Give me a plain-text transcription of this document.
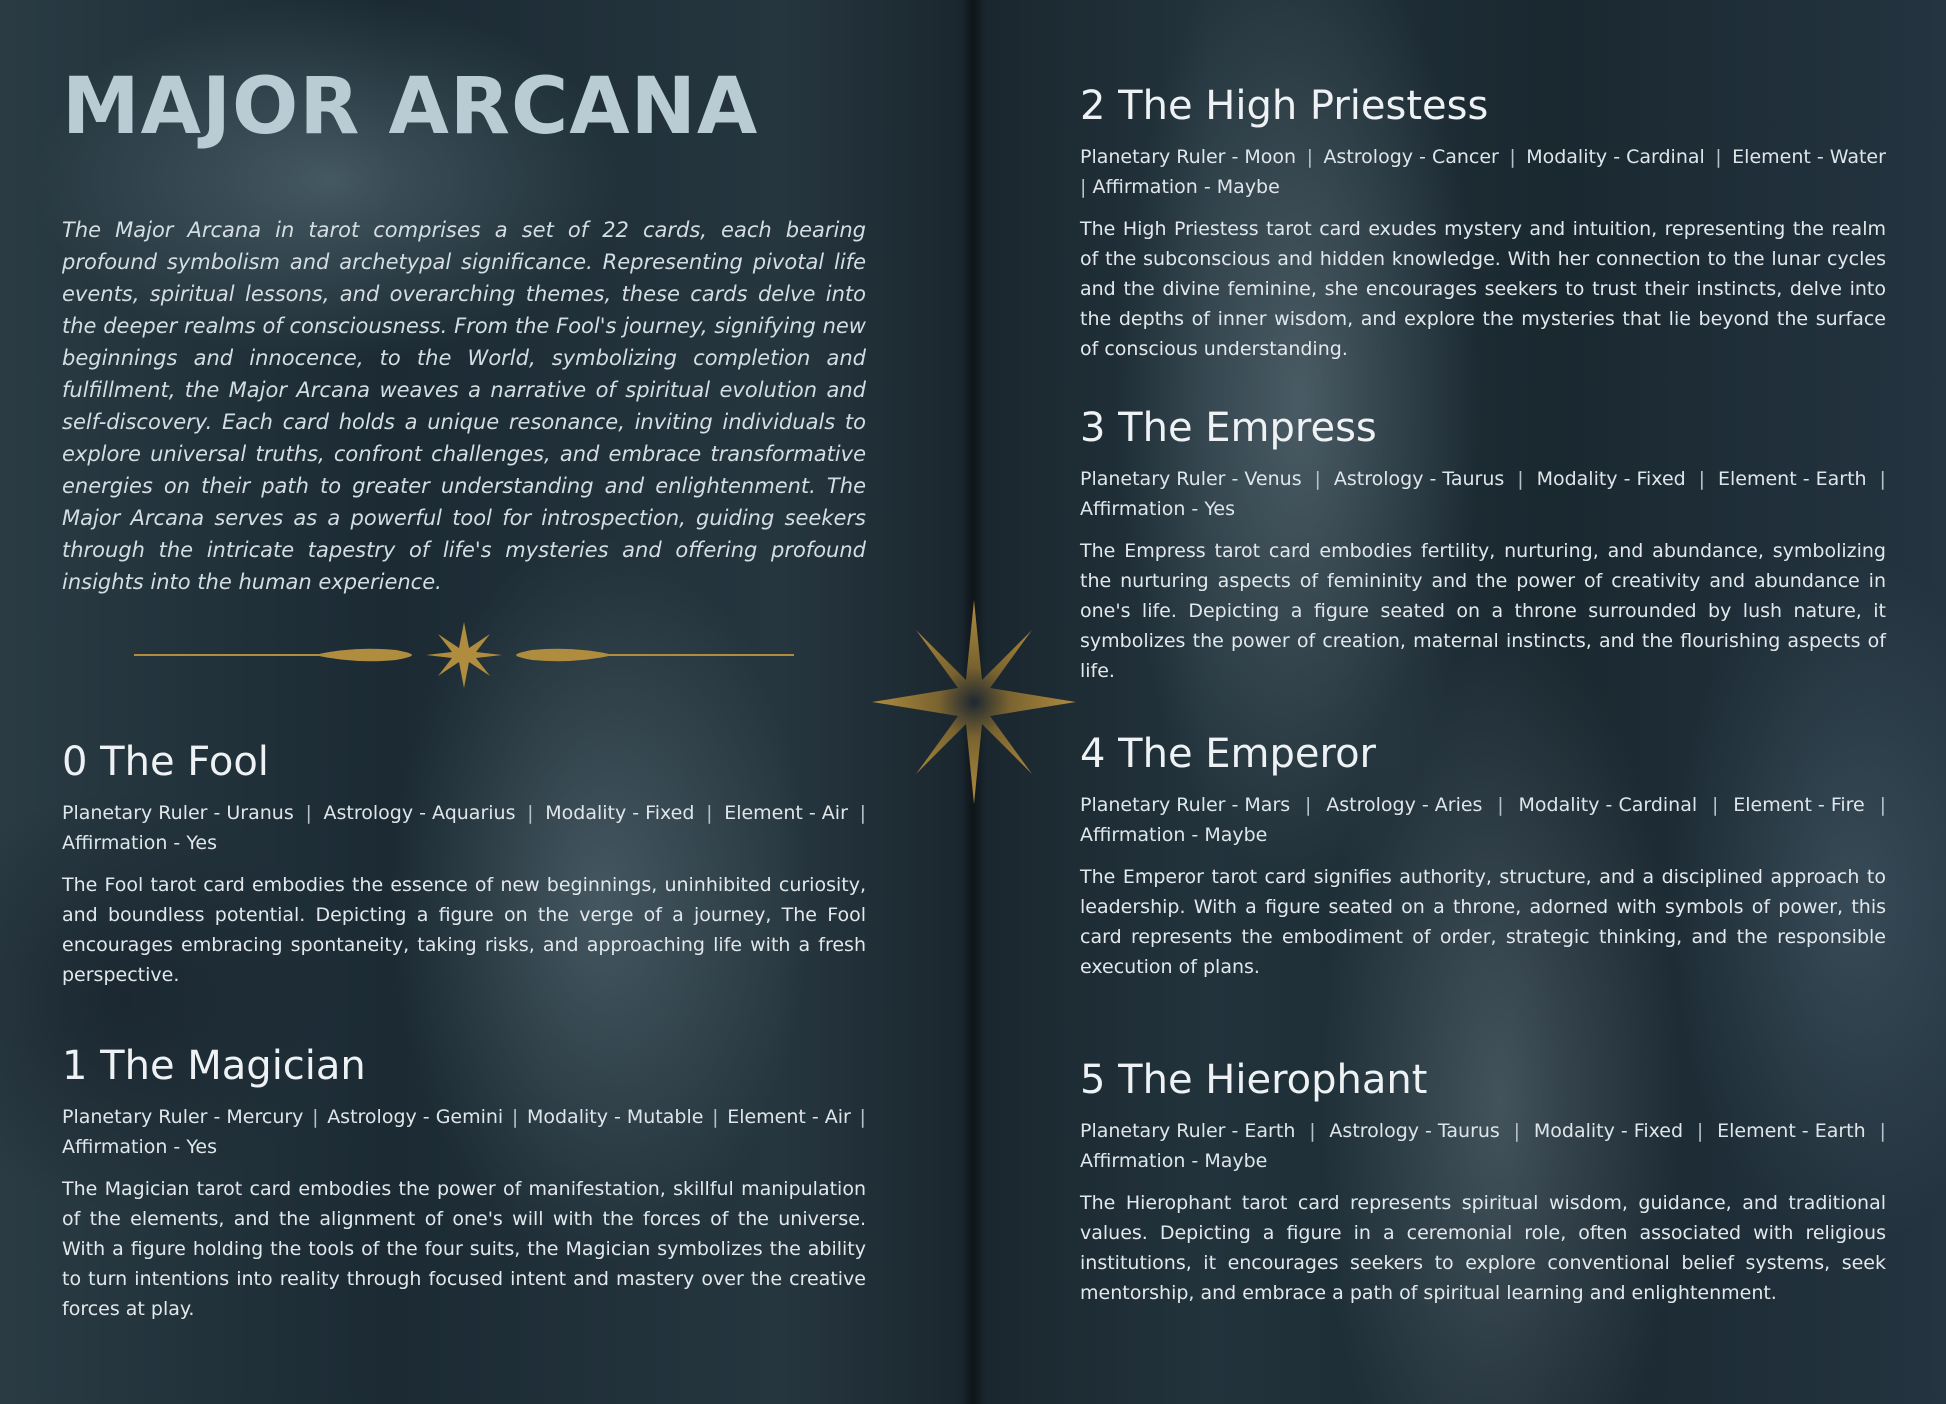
MAJOR ARCANA

The Major Arcana in tarot comprises a set of 22 cards, each bearing profound symbolism and archetypal significance. Representing pivotal life events, spiritual lessons, and overarching themes, these cards delve into the deeper realms of consciousness. From the Fool's journey, signifying new beginnings and innocence, to the World, symbolizing completion and fulfillment, the Major Arcana weaves a narrative of spiritual evolution and self-discovery. Each card holds a unique resonance, inviting individuals to explore universal truths, confront challenges, and embrace transformative energies on their path to greater understanding and enlightenment. The Major Arcana serves as a powerful tool for introspection, guiding seekers through the intricate tapestry of life's mysteries and offering profound insights into the human experience.

0 The Fool
Planetary Ruler - Uranus | Astrology - Aquarius | Modality - Fixed | Element - Air |
Affirmation - Yes

The Fool tarot card embodies the essence of new beginnings, uninhibited curiosity, and boundless potential. Depicting a figure on the verge of a journey, The Fool encourages embracing spontaneity, taking risks, and approaching life with a fresh perspective.

1 The Magician
Planetary Ruler - Mercury | Astrology - Gemini | Modality - Mutable | Element - Air |
Affirmation - Yes

The Magician tarot card embodies the power of manifestation, skillful manipulation of the elements, and the alignment of one's will with the forces of the universe. With a figure holding the tools of the four suits, the Magician symbolizes the ability to turn intentions into reality through focused intent and mastery over the creative forces at play.

2 The High Priestess
Planetary Ruler - Moon | Astrology - Cancer | Modality - Cardinal | Element - Water
| Affirmation - Maybe

The High Priestess tarot card exudes mystery and intuition, representing the realm of the subconscious and hidden knowledge. With her connection to the lunar cycles and the divine feminine, she encourages seekers to trust their instincts, delve into the depths of inner wisdom, and explore the mysteries that lie beyond the surface of conscious understanding.

3 The Empress
Planetary Ruler - Venus | Astrology - Taurus | Modality - Fixed | Element - Earth |
Affirmation - Yes

The Empress tarot card embodies fertility, nurturing, and abundance, symbolizing the nurturing aspects of femininity and the power of creativity and abundance in one's life. Depicting a figure seated on a throne surrounded by lush nature, it symbolizes the power of creation, maternal instincts, and the flourishing aspects of life.

4 The Emperor
Planetary Ruler - Mars | Astrology - Aries | Modality - Cardinal | Element - Fire |
Affirmation - Maybe

The Emperor tarot card signifies authority, structure, and a disciplined approach to leadership. With a figure seated on a throne, adorned with symbols of power, this card represents the embodiment of order, strategic thinking, and the responsible execution of plans.

5 The Hierophant
Planetary Ruler - Earth | Astrology - Taurus | Modality - Fixed | Element - Earth |
Affirmation - Maybe

The Hierophant tarot card represents spiritual wisdom, guidance, and traditional values. Depicting a figure in a ceremonial role, often associated with religious institutions, it encourages seekers to explore conventional belief systems, seek mentorship, and embrace a path of spiritual learning and enlightenment.
